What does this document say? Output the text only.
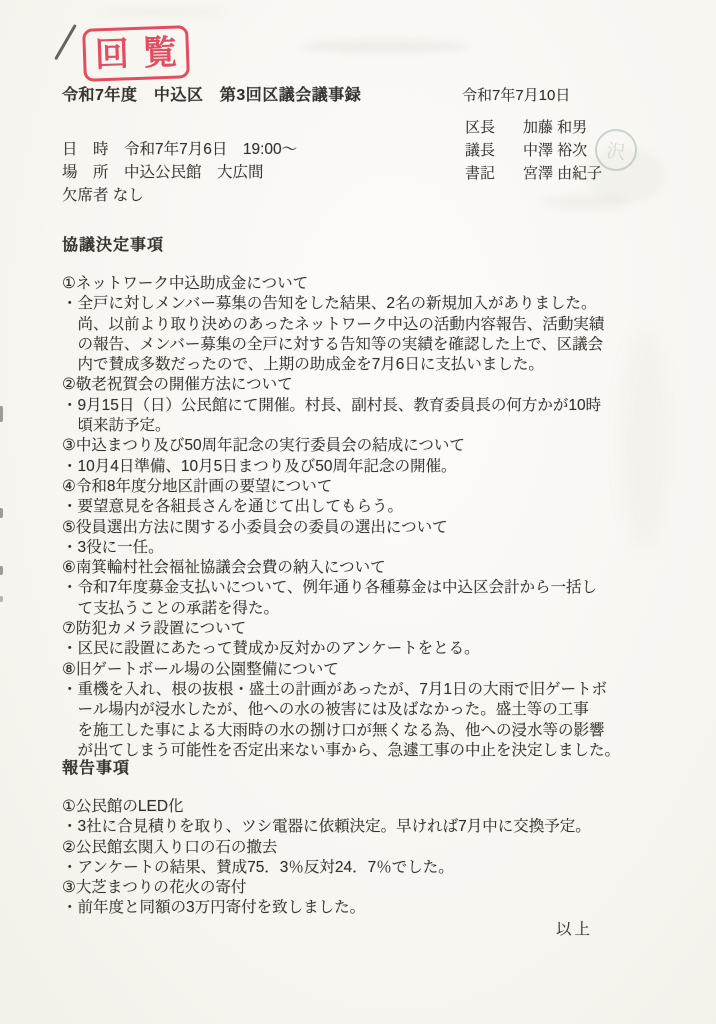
回覧
令和7年度　中込区　第3回区議会議事録	令和7年7月10日
区長 加藤 和男
議長 中澤 裕次
書記 宮澤 由紀子
沢
日　時　令和7年7月6日　19:00～
場　所　中込公民館　大広間
欠席者 なし
協議決定事項
①ネットワーク中込助成金について
・全戸に対しメンバー募集の告知をした結果、2名の新規加入がありました。
　尚、以前より取り決めのあったネットワーク中込の活動内容報告、活動実績
　の報告、メンバー募集の全戸に対する告知等の実績を確認した上で、区議会
　内で賛成多数だったので、上期の助成金を7月6日に支払いました。
②敬老祝賀会の開催方法について
・9月15日（日）公民館にて開催。村長、副村長、教育委員長の何方かが10時
　頃来訪予定。
③中込まつり及び50周年記念の実行委員会の結成について
・10月4日準備、10月5日まつり及び50周年記念の開催。
④令和8年度分地区計画の要望について
・要望意見を各組長さんを通じて出してもらう。
⑤役員選出方法に関する小委員会の委員の選出について
・3役に一任。
⑥南箕輪村社会福祉協議会会費の納入について
・令和7年度募金支払いについて、例年通り各種募金は中込区会計から一括し
　て支払うことの承諾を得た。
⑦防犯カメラ設置について
・区民に設置にあたって賛成か反対かのアンケートをとる。
⑧旧ゲートボール場の公園整備について
・重機を入れ、根の抜根・盛土の計画があったが、7月1日の大雨で旧ゲートボ
　ール場内が浸水したが、他への水の被害には及ばなかった。盛土等の工事
　を施工した事による大雨時の水の捌け口が無くなる為、他への浸水等の影響
　が出てしまう可能性を否定出来ない事から、急遽工事の中止を決定しました。
報告事項
①公民館のLED化
・3社に合見積りを取り、ツシ電器に依頼決定。早ければ7月中に交換予定。
②公民館玄関入り口の石の撤去
・アンケートの結果、賛成75．3％反対24．7％でした。
③大芝まつりの花火の寄付
・前年度と同額の3万円寄付を致しました。
以上
